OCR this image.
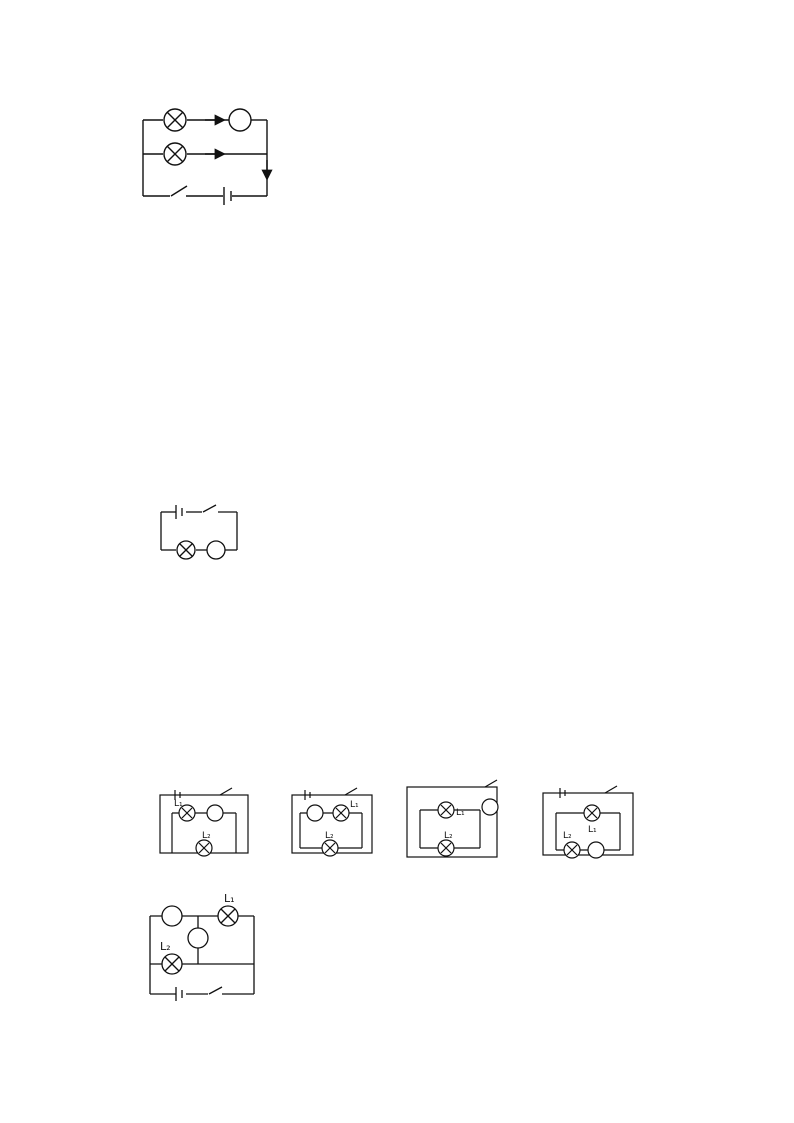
L₁
L₂
L₁
L₂
L₁
L₂
L₁
L₂
L₁
L₂
